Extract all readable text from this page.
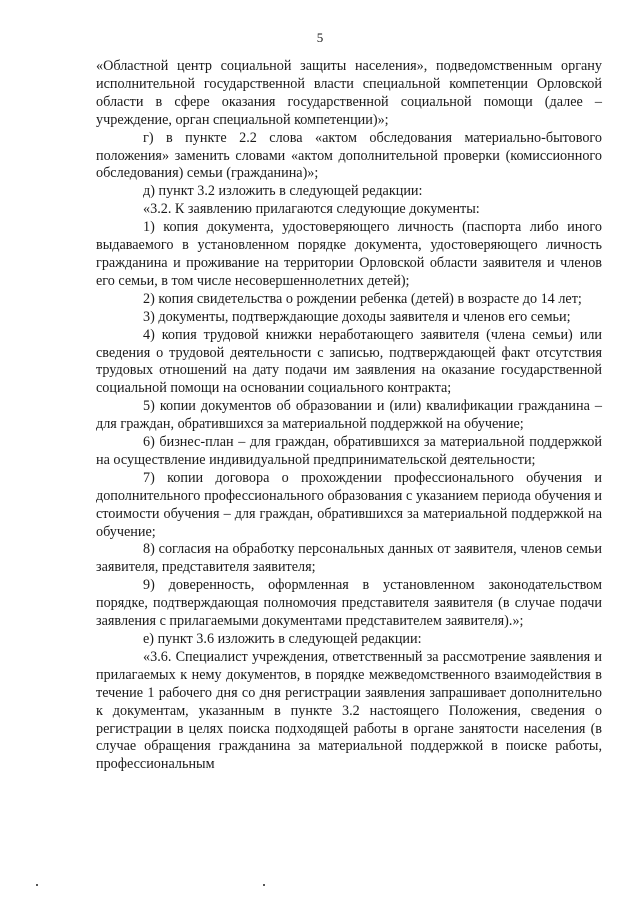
5

«Областной центр социальной защиты населения», подведомственным органу исполнительной государственной власти специальной компетенции Орловской области в сфере оказания государственной социальной помощи (далее – учреждение, орган специальной компетенции)»;

г) в пункте 2.2 слова «актом обследования материально-бытового положения» заменить словами «актом дополнительной проверки (комиссионного обследования) семьи (гражданина)»;

д) пункт 3.2 изложить в следующей редакции:

«3.2. К заявлению прилагаются следующие документы:

1) копия документа, удостоверяющего личность (паспорта либо иного выдаваемого в установленном порядке документа, удостоверяющего личность гражданина и проживание на территории Орловской области заявителя и членов его семьи, в том числе несовершеннолетних детей);

2) копия свидетельства о рождении ребенка (детей) в возрасте до 14 лет;

3) документы, подтверждающие доходы заявителя и членов его семьи;

4) копия трудовой книжки неработающего заявителя (члена семьи) или сведения о трудовой деятельности с записью, подтверждающей факт отсутствия трудовых отношений на дату подачи им заявления на оказание государственной социальной помощи на основании социального контракта;

5) копии документов об образовании и (или) квалификации гражданина – для граждан, обратившихся за материальной поддержкой на обучение;

6) бизнес-план – для граждан, обратившихся за материальной поддержкой на осуществление индивидуальной предпринимательской деятельности;

7) копии договора о прохождении профессионального обучения и дополнительного профессионального образования с указанием периода обучения и стоимости обучения – для граждан, обратившихся за материальной поддержкой на обучение;

8) согласия на обработку персональных данных от заявителя, членов семьи заявителя, представителя заявителя;

9) доверенность, оформленная в установленном законодательством порядке, подтверждающая полномочия представителя заявителя (в случае подачи заявления с прилагаемыми документами представителем заявителя).»;

е) пункт 3.6 изложить в следующей редакции:

«3.6. Специалист учреждения, ответственный за рассмотрение заявления и прилагаемых к нему документов, в порядке межведомственного взаимодействия в течение 1 рабочего дня со дня регистрации заявления запрашивает дополнительно к документам, указанным в пункте 3.2 настоящего Положения, сведения о регистрации в целях поиска подходящей работы в органе занятости населения (в случае обращения гражданина за материальной поддержкой в поиске работы, профессиональным
